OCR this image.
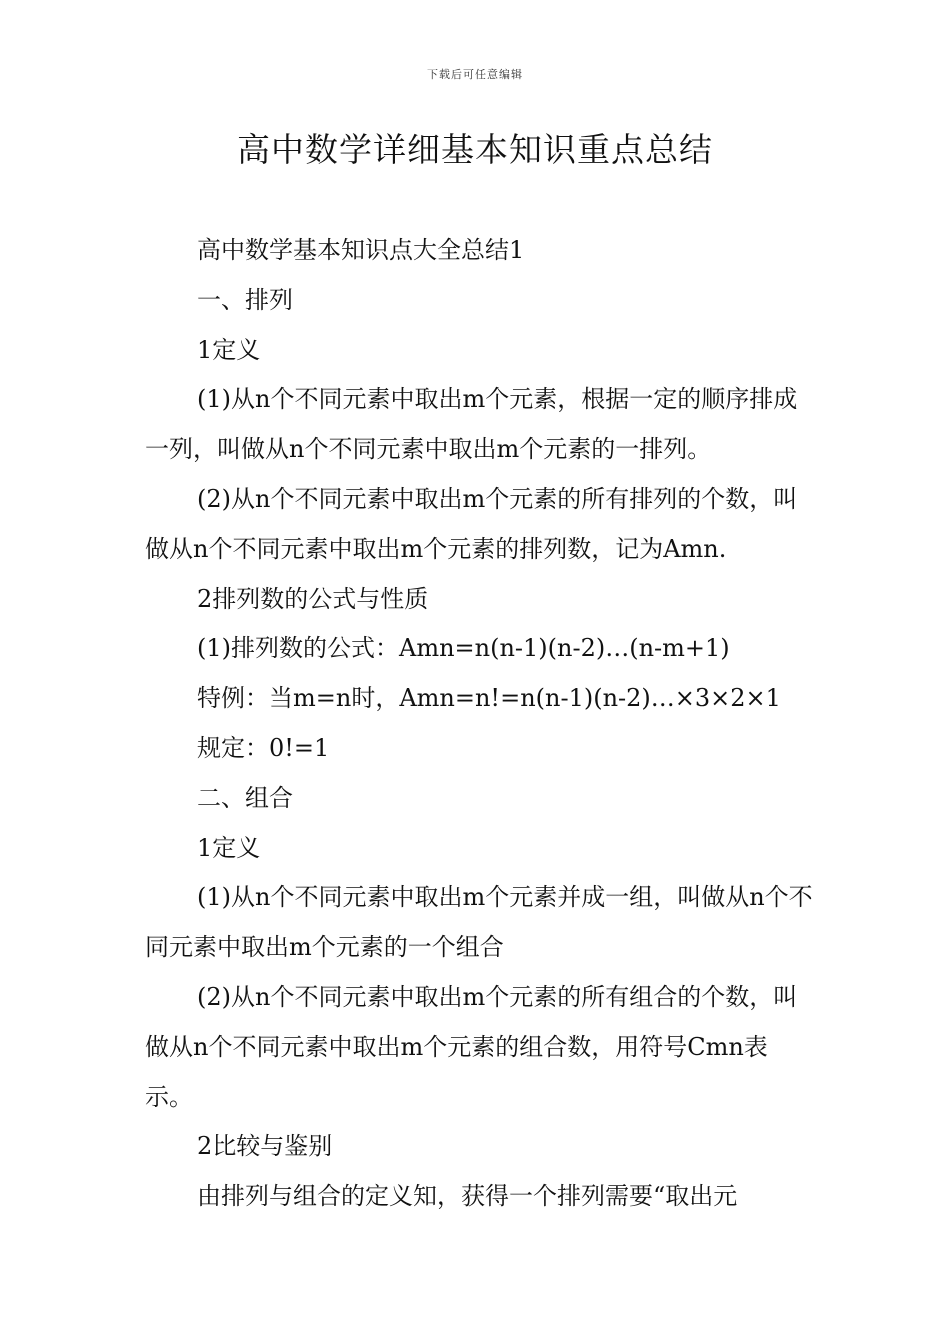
下载后可任意编辑
高中数学详细基本知识重点总结

高中数学基本知识点大全总结1

一、排列

1定义

(1)从n个不同元素中取出m个元素，根据一定的顺序排成一列，叫做从n个不同元素中取出m个元素的一排列。

(2)从n个不同元素中取出m个元素的所有排列的个数，叫做从n个不同元素中取出m个元素的排列数，记为Amn.

2排列数的公式与性质

(1)排列数的公式：Amn=n(n-1)(n-2)…(n-m+1)

特例：当m=n时，Amn=n!=n(n-1)(n-2)…×3×2×1

规定：0!=1

二、组合

1定义

(1)从n个不同元素中取出m个元素并成一组，叫做从n个不同元素中取出m个元素的一个组合

(2)从n个不同元素中取出m个元素的所有组合的个数，叫做从n个不同元素中取出m个元素的组合数，用符号Cmn表示。

2比较与鉴别

由排列与组合的定义知，获得一个排列需要“取出元
